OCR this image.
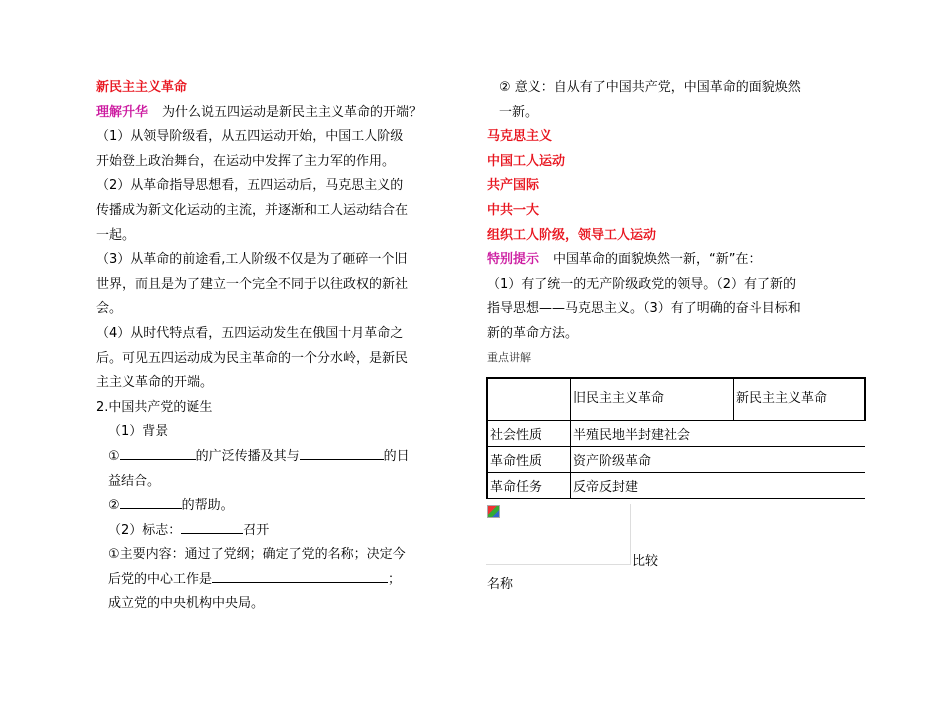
新民主主义革命
理解升华 为什么说五四运动是新民主主义革命的开端？
（1）从领导阶级看，从五四运动开始，中国工人阶级
开始登上政治舞台，在运动中发挥了主力军的作用。
（2）从革命指导思想看，五四运动后，马克思主义的
传播成为新文化运动的主流，并逐渐和工人运动结合在
一起。
（3）从革命的前途看,工人阶级不仅是为了砸碎一个旧
世界，而且是为了建立一个完全不同于以往政权的新社
会。
（4）从时代特点看，五四运动发生在俄国十月革命之
后。可见五四运动成为民主革命的一个分水岭，是新民
主主义革命的开端。
2.中国共产党的诞生
（1）背景
①	的广泛传播及其与	的日
益结合。
②	的帮助。
（2）标志：	召开
①主要内容：通过了党纲；确定了党的名称；决定今
后党的中心工作是	；
成立党的中央机构中央局。
② 意义：自从有了中国共产党，中国革命的面貌焕然
一新。
马克思主义
中国工人运动
共产国际
中共一大
组织工人阶级，领导工人运动
特别提示 中国革命的面貌焕然一新，“新”在：
（1）有了统一的无产阶级政党的领导。（2）有了新的
指导思想——马克思主义。（3）有了明确的奋斗目标和
新的革命方法。
重点讲解
	旧民主主义革命	新民主主义革命
社会性质	半殖民地半封建社会	
革命性质	资产阶级革命	
革命任务	反帝反封建	
比较
名称
